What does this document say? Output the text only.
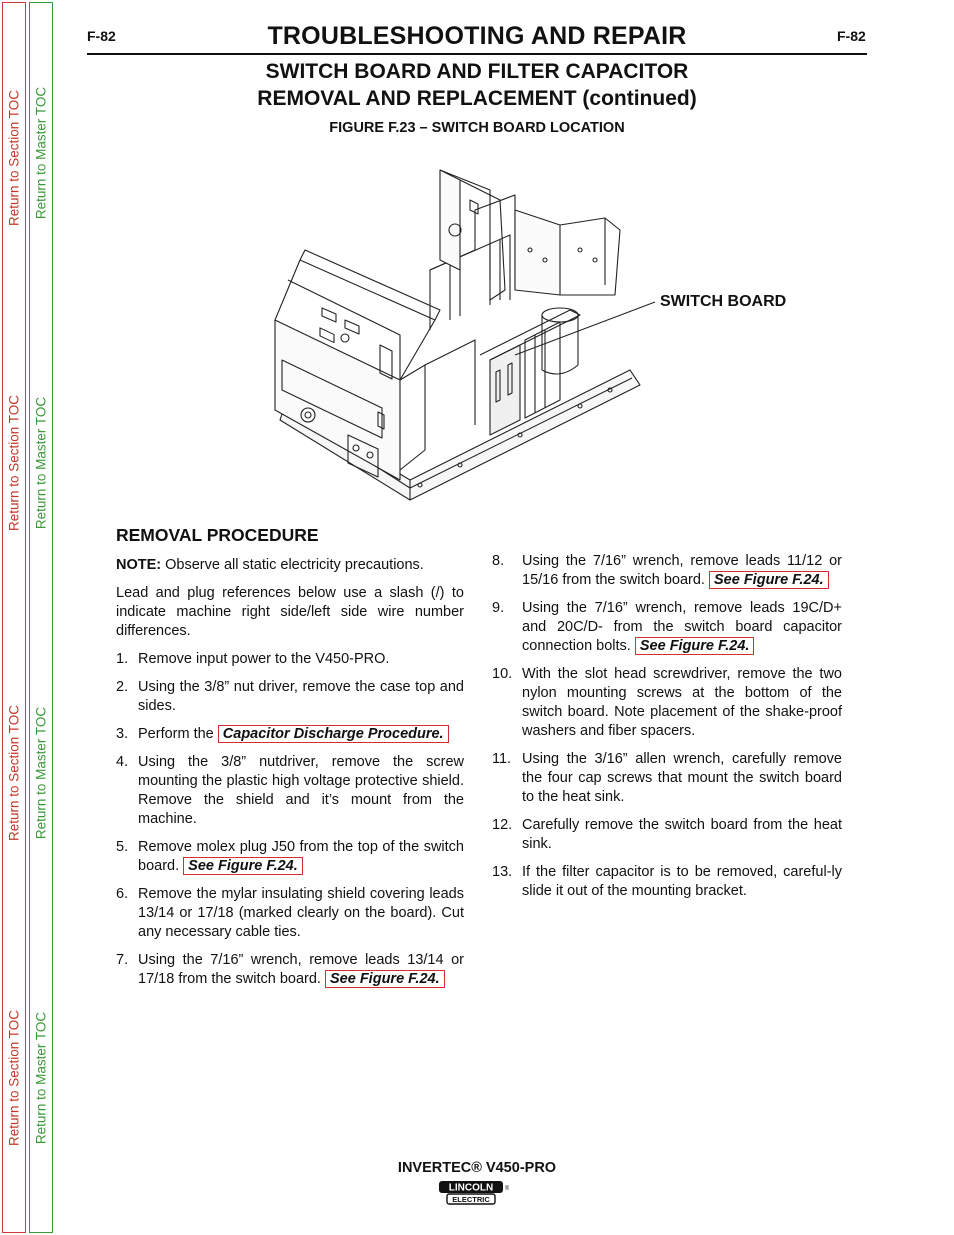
Return to Section TOC
Return to Section TOC
Return to Section TOC
Return to Section TOC
Return to Master TOC
Return to Master TOC
Return to Master TOC
Return to Master TOC
F-82	F-82
TROUBLESHOOTING AND REPAIR
SWITCH BOARD AND FILTER CAPACITOR
REMOVAL AND REPLACEMENT (continued)
FIGURE F.23 – SWITCH BOARD LOCATION
SWITCH BOARD
REMOVAL PROCEDURE

NOTE: Observe all static electricity precautions.

Lead and plug references below use a slash (/) to indicate machine right side/left side wire number differences.

1. Remove input power to the V450-PRO.
2. Using the 3/8” nut driver, remove the case top and sides.
3. Perform the Capacitor Discharge Procedure.
4. Using the 3/8” nutdriver, remove the screw mounting the plastic high voltage protective shield. Remove the shield and it’s mount from the machine.
5. Remove molex plug J50 from the top of the switch board. See Figure F.24.
6. Remove the mylar insulating shield covering leads 13/14 or 17/18 (marked clearly on the board). Cut any necessary cable ties.
7. Using the 7/16” wrench, remove leads 13/14 or 17/18 from the switch board. See Figure F.24.
8.	Using the 7/16” wrench, remove leads 11/12 or 15/16 from the switch board. See Figure F.24.
9.	Using the 7/16” wrench, remove leads 19C/D+ and 20C/D- from the switch board capacitor connection bolts. See Figure F.24.
10. With the slot head screwdriver, remove the two nylon mounting screws at the bottom of the switch board. Note placement of the shake-proof washers and fiber spacers.
11. Using the 3/16” allen wrench, carefully remove the four cap screws that mount the switch board to the heat sink.
12. Carefully remove the switch board from the heat sink.
13. If the filter capacitor is to be removed, careful-ly slide it out of the mounting bracket.
INVERTEC® V450-PRO
LINCOLN
ELECTRIC
®
